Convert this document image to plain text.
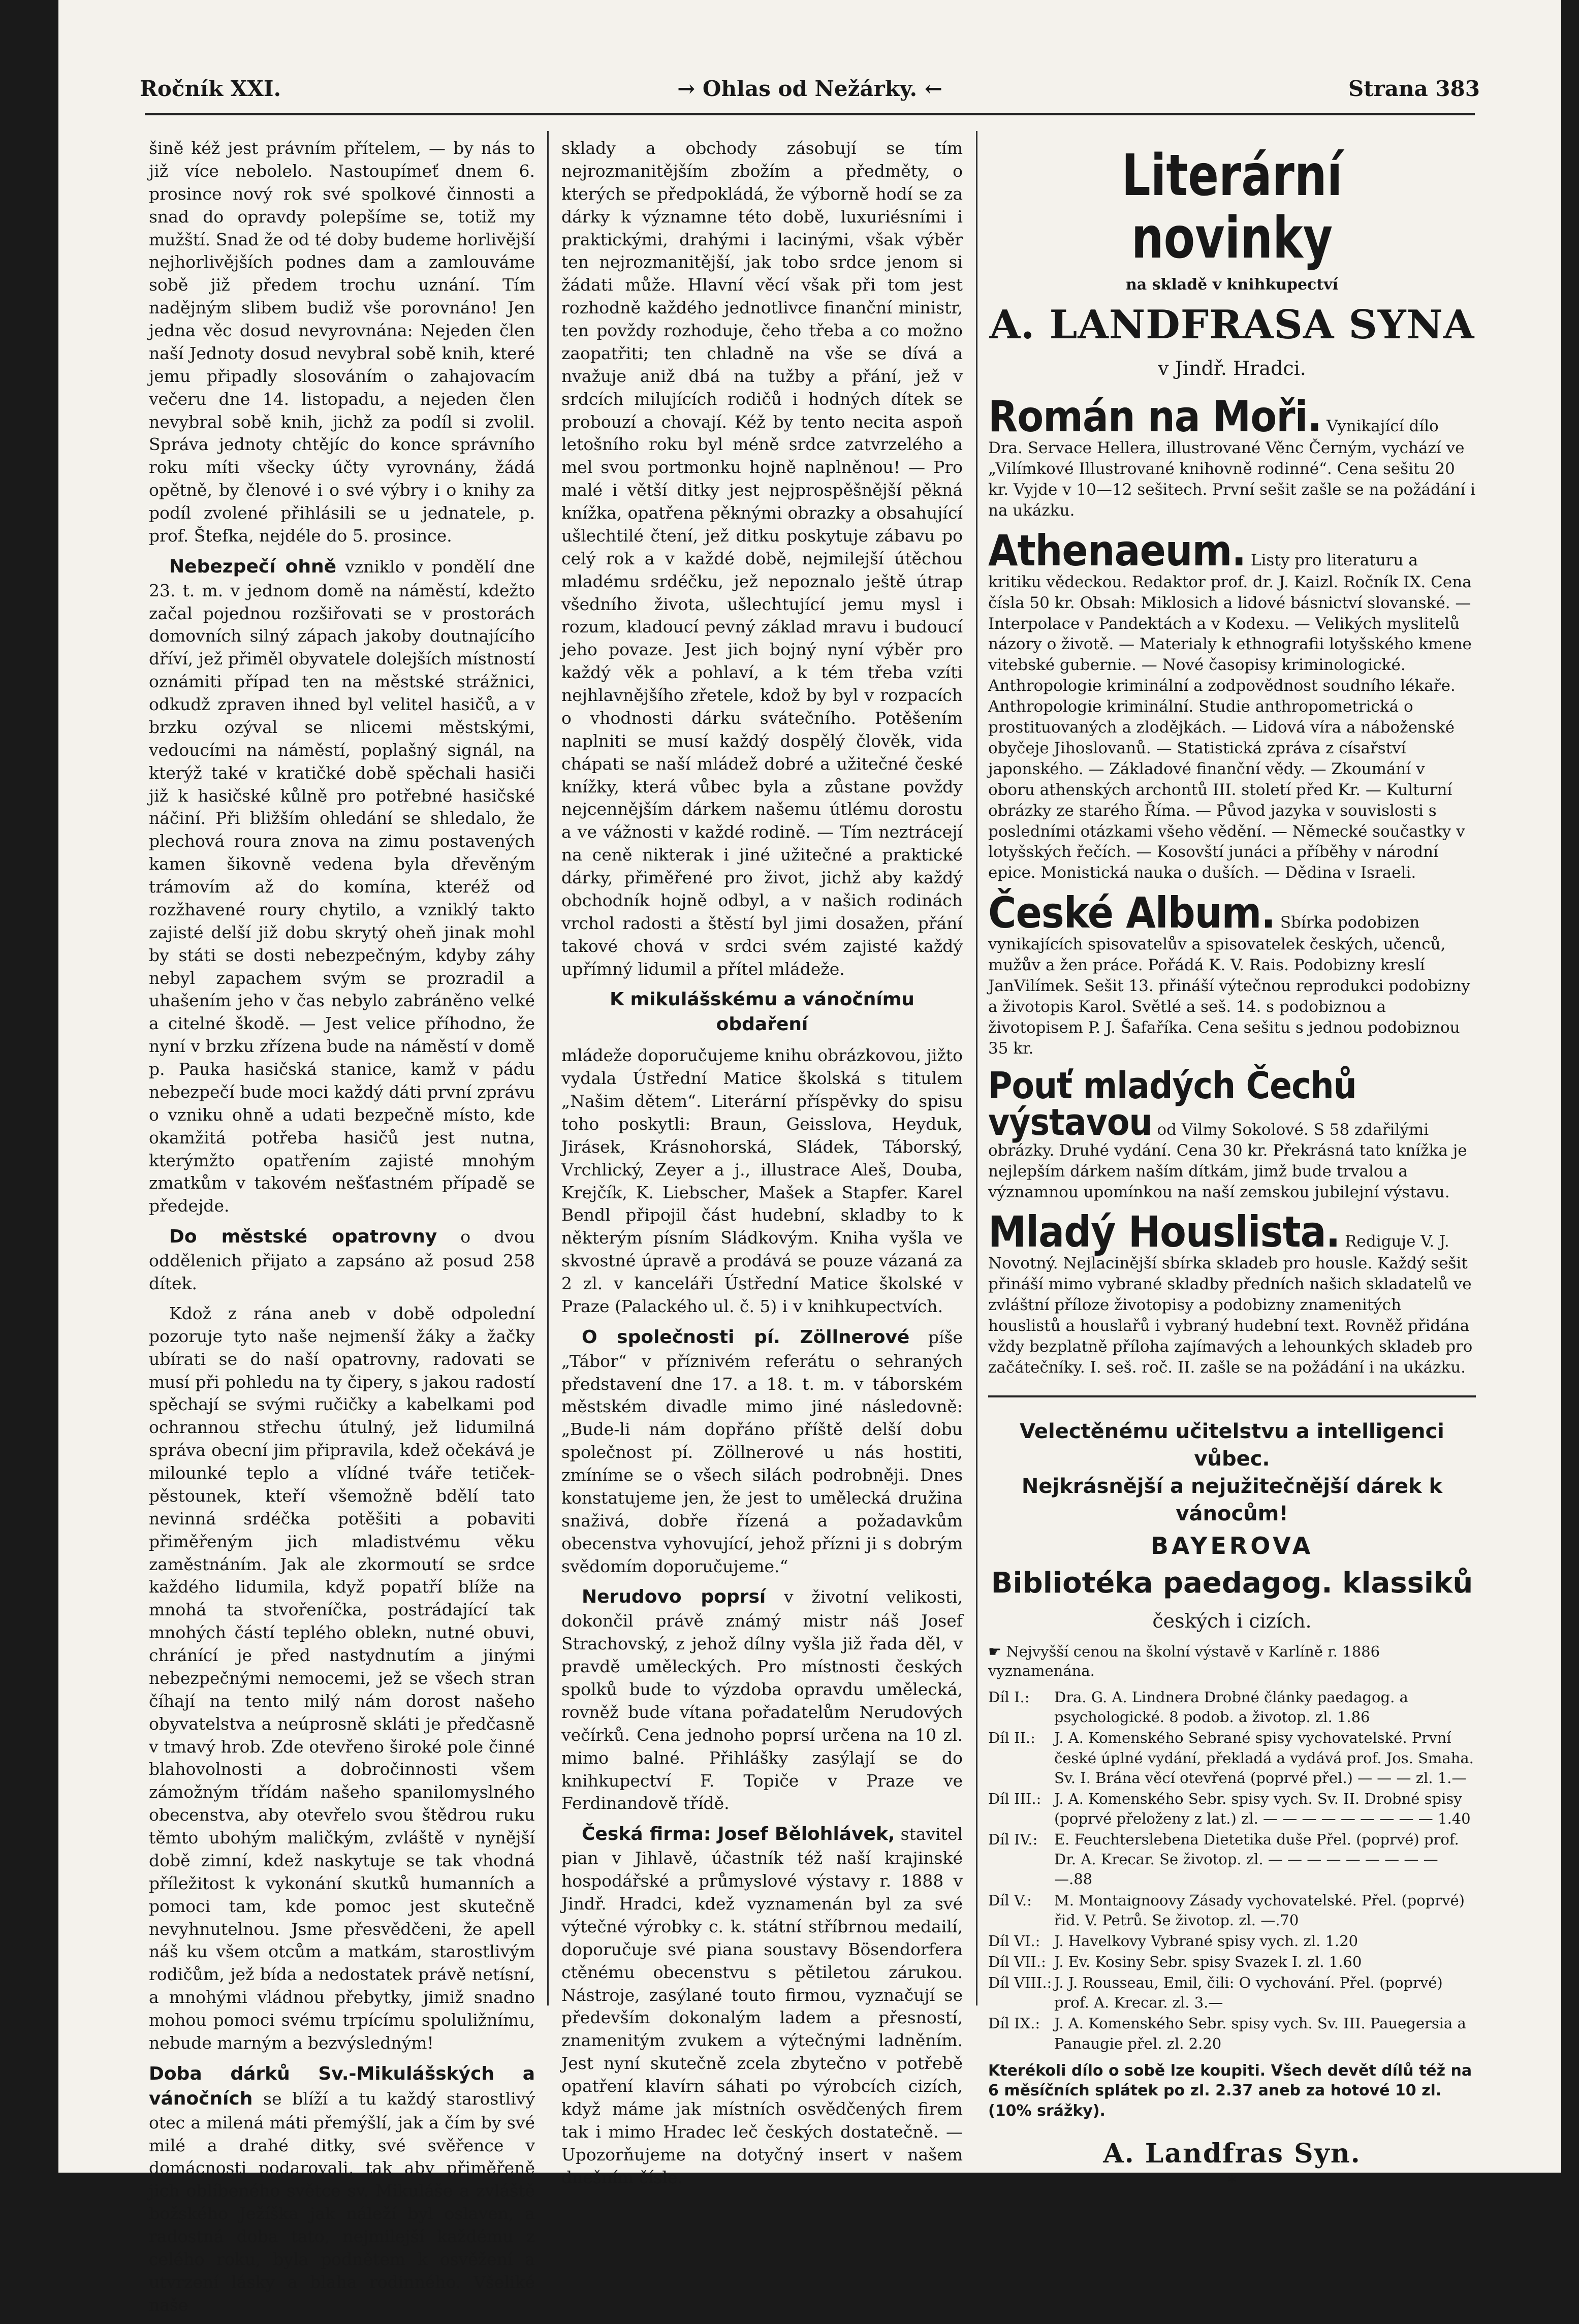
Ročník XXI.	→ Ohlas od Nežárky. ←	Strana 383

šině kéž jest právním přítelem, — by nás to již více nebolelo. Nastoupímeť dnem 6. prosince nový rok své spolkové činnosti a snad do opravdy polepšíme se, totiž my mužští. Snad že od té doby budeme horlivější nejhorlivějších podnes dam a zamlouváme sobě již předem trochu uznání. Tím nadějným slibem budiž vše porovnáno! Jen jedna věc dosud nevyrovnána: Nejeden člen naší Jednoty dosud nevybral sobě knih, které jemu připadly slosováním o zahajovacím večeru dne 14. listopadu, a nejeden člen nevybral sobě knih, jichž za podíl si zvolil. Správa jednoty chtějíc do konce správního roku míti všecky účty vyrovnány, žádá opětně, by členové i o své výbry i o knihy za podíl zvolené přihlásili se u jednatele, p. prof. Štefka, nejdéle do 5. prosince.

Nebezpečí ohně vzniklo v pondělí dne 23. t. m. v jednom domě na náměstí, kdežto začal pojednou rozšiřovati se v prostorách domovních silný zápach jakoby doutnajícího dříví, jež přiměl obyvatele dolejších místností oznámiti případ ten na městské strážnici, odkudž zpraven ihned byl velitel hasičů, a v brzku ozýval se nlicemi městskými, vedoucími na náměstí, poplašný signál, na kterýž také v kratičké době spěchali hasiči již k hasičské kůlně pro potřebné hasičské náčiní. Při bližším ohledání se shledalo, že plechová roura znova na zimu postavených kamen šikovně vedena byla dřevěným trámovím až do komína, kteréž od rozžhavené roury chytilo, a vzniklý takto zajisté delší již dobu skrytý oheň jinak mohl by státi se dosti nebezpečným, kdyby záhy nebyl zapachem svým se prozradil a uhašením jeho v čas nebylo zabráněno velké a citelné škodě. — Jest velice příhodno, že nyní v brzku zřízena bude na náměstí v domě p. Pauka hasičská stanice, kamž v pádu nebezpečí bude moci každý dáti první zprávu o vzniku ohně a udati bezpečně místo, kde okamžitá potřeba hasičů jest nutna, kterýmžto opatřením zajisté mnohým zmatkům v takovém nešťastném případě se předejde.

Do městské opatrovny o dvou oddělenich přijato a zapsáno až posud 258 dítek.

Kdož z rána aneb v době odpolední pozoruje tyto naše nejmenší žáky a žačky ubírati se do naší opatrovny, radovati se musí při pohledu na ty čipery, s jakou radostí spěchají se svými ručičky a kabelkami pod ochrannou střechu útulný, jež lidumilná správa obecní jim připravila, kdež očekává je milounké teplo a vlídné tváře tetiček-pěstounek, kteří všemožně bdělí tato nevinná srdéčka potěšiti a pobaviti přiměřeným jich mladistvému věku zaměstnáním. Jak ale zkormoutí se srdce každého lidumila, když popatří blíže na mnohá ta stvořeníčka, postrádající tak mnohých částí teplého oblekn, nutné obuvi, chránící je před nastydnutím a jinými nebezpečnými nemocemi, jež se všech stran číhají na tento milý nám dorost našeho obyvatelstva a neúprosně skláti je předčasně v tmavý hrob. Zde otevřeno široké pole činné blahovolnosti a dobročinnosti všem zámožným třídám našeho spanilomyslného obecenstva, aby otevřelo svou štědrou ruku těmto ubohým maličkým, zvláště v nynější době zimní, kdež naskytuje se tak vhodná příležitost k vykonání skutků humanních a pomoci tam, kde pomoc jest skutečně nevyhnutelnou. Jsme přesvědčeni, že apell náš ku všem otcům a matkám, starostlivým rodičům, jež bída a nedostatek právě netísní, a mnohými vládnou přebytky, jimiž snadno mohou pomoci svému trpícímu spoluližnímu, nebude marným a bezvýsledným!

Doba dárků Sv.-Mikulášských a vánočních se blíží a tu každý starostlivý otec a milená máti přemýšlí, jak a čím by své milé a drahé ditky, své svěřence v domácnosti podarovali, tak aby přiměřeně jich oblíbeného světce sv. Mikuláše a zvláště božského Ježíška jak náleží byl oslaven, a radostná doba tato, nejmilejší každému z celého roku, byla podnětem k osvěžení a utvrzení lásky a blaha rodinného. Všeliké naše

sklady a obchody zásobují se tím nejrozmanitějším zbožím a předměty, o kterých se předpokládá, že výborně hodí se za dárky k významnе této době, luxuriésními i praktickými, drahými i lacinými, však výběr ten nejrozmanitější, jak tobo srdce jenom si žádati může. Hlavní věcí však při tom jest rozhodně každého jednotlivce finanční ministr, ten povždy rozhoduje, čeho třeba a co možno zaopatřiti; ten chladně na vše se dívá a nvažuje aniž dbá na tužby a přání, jež v srdcích milujících rodičů i hodných dítek se probouzí a chovají. Kéž by tento necita aspoň letošního roku byl méně srdce zatvrzelého a mel svou portmonku hojně naplněnou! — Pro malé i větší ditky jest nejprospěšnější pěkná knížka, opatřena pěknými obrazky a obsahující ušlechtilé čtení, jež ditku poskytuje zábavu po celý rok a v každé době, nejmilejší útěchou mladému srdéčku, jež nepoznalo ještě útrap všedního života, ušlechtující jemu mysl i rozum, kladoucí pevný základ mravu i budoucí jeho povaze. Jest jich bojný nyní výběr pro každý věk a pohlaví, a k tém třeba vzíti nejhlavnějšího zřetele, kdož by byl v rozpacích o vhodnosti dárku svátečního. Potěšením naplniti se musí každý dospělý člověk, vida chápati se naší mládež dobré a užitečné české knížky, která vůbec byla a zůstane povždy nejcennějším dárkem našemu útlému dorostu a ve vážnosti v každé rodině. — Tím neztrácejí na ceně nikterak i jiné užitečné a praktické dárky, přiměřené pro život, jichž aby každý obchodník hojně odbyl, a v našich rodinách vrchol radosti a štěstí byl jimi dosažen, přání takové chová v srdci svém zajisté každý upřímný lidumil a přítel mládeže.

K mikulášskému a vánočnímu obdaření

mládeže doporučujeme knihu obrázkovou, jižto vydala Ústřední Matice školská s titulem „Našim dětem“. Literární příspěvky do spisu toho poskytli: Braun, Geisslova, Heyduk, Jirásek, Krásnohorská, Sládek, Táborský, Vrchlický, Zeyer a j., illustrace Aleš, Douba, Krejčík, K. Liebscher, Mašek a Stapfer. Karel Bendl připojil část hudební, skladby to k některým písním Sládkovým. Kniha vyšla ve skvostné úpravě a prodává se pouze vázaná za 2 zl. v kanceláři Ústřední Matice školské v Praze (Palackého ul. č. 5) i v knihkupectvích.

O společnosti pí. Zöllnerové píše „Tábor“ v příznivém referátu o sehraných představení dne 17. a 18. t. m. v táborském městském divadle mimo jiné následovně: „Bude-li nám dopřáno příště delší dobu společnost pí. Zöllnerové u nás hostiti, zmíníme se o všech silách podrobněji. Dnes konstatujeme jen, že jest to umělecká družina snaživá, dobře řízená a požadavkům obecenstva vyhovující, jehož přízni ji s dobrým svědomím doporučujeme.“

Nerudovo poprsí v životní velikosti, dokončil právě známý mistr náš Josef Strachovský, z jehož dílny vyšla již řada děl, v pravdě uměleckých. Pro místnosti českých spolků bude to výzdoba opravdu umělecká, rovněž bude vítana pořadatelům Nerudových večírků. Cena jednoho poprsí určena na 10 zl. mimo balné. Přihlášky zasýlají se do knihkupectví F. Topiče v Praze ve Ferdinandově třídě.

Česká firma: Josef Bělohlávek, stavitel pian v Jihlavě, účastník též naší krajinské hospodářské a průmyslové výstavy r. 1888 v Jindř. Hradci, kdež vyznamenán byl za své výtečné výrobky c. k. státní stříbrnou medailí, doporučuje své piana soustavy Bösendorfera ctěnému obecenstvu s pětiletou zárukou. Nástroje, zasýlané touto firmou, vyznačují se především dokonalým ladem a přesností, znamenitým zvukem a výtečnými ladněním. Jest nyní skutečně zcela zbytečno v potřebě opatření klavírn sáhati po výrobcích cizích, když máme jak místních osvědčených firem tak i mimo Hradec leč českých dostatečně. — Upozorňujeme na dotyčný insert v našem dnešním čísle.

Literární novinky
na skladě v knihkupectví
A. LANDFRASA SYNA
v Jindř. Hradci.
Román na Moři. Vynikající dílo Dra. Servace Hellera, illustrované Věnc Černým, vychází ve „Vilímkové Illustrované knihovně rodinné“. Cena sešitu 20 kr. Vyjde v 10—12 sešitech. První sešit zašle se na požádání i na ukázku.
Athenaeum. Listy pro literaturu a kritiku vědeckou. Redaktor prof. dr. J. Kaizl. Ročník IX. Cena čísla 50 kr. Obsah: Miklosich a lidové básnictví slovanské. — Interpolace v Pandektách a v Kodexu. — Velikých myslitelů názory o životě. — Materialy k ethnografii lotyšského kmene vitebské gubernie. — Nové časopisy kriminologické. Anthropologie kriminální a zodpovědnost soudního lékaře. Anthropologie kriminální. Studie anthropometrická o prostituovaných a zlodějkách. — Lidová víra a náboženské obyčeje Jihoslovanů. — Statistická zpráva z císařství japonského. — Základové finanční vědy. — Zkoumání v oboru athenských archontů III. století před Kr. — Kulturní obrázky ze starého Říma. — Původ jazyka v souvislosti s posledními otázkami všeho vědění. — Německé součastky v lotyšských řečích. — Kosovští junáci a příběhy v národní epice. Monistická nauka o duších. — Dědina v Israeli.
České Album. Sbírka podobizen vynikajících spisovatelův a spisovatelek českých, učenců, mužův a žen práce. Pořádá K. V. Rais. Podobizny kreslí JanVilímek. Sešit 13. přináší výtečnou reprodukci podobizny a životopis Karol. Světlé a seš. 14. s podobiznou a životopisem P. J. Šafaříka. Cena sešitu s jednou podobiznou 35 kr.
Pouť mladých Čechů výstavou od Vilmy Sokolové. S 58 zdařilými obrázky. Druhé vydání. Cena 30 kr. Překrásná tato knížka je nejlepším dárkem naším dítkám, jimž bude trvalou a významnou upomínkou na naší zemskou jubilejní výstavu.
Mladý Houslista. Rediguje V. J. Novotný. Nejlacinější sbírka skladeb pro housle. Každý sešit přináší mimo vybrané skladby předních našich skladatelů ve zvláštní příloze životopisy a podobizny znamenitých houslistů a houslařů i vybraný hudební text. Rovněž přidána vždy bezplatně příloha zajímavých a lehounkých skladeb pro začátečníky. I. seš. roč. II. zašle se na požádání i na ukázku.
Velectěnému učitelstvu a intelligenci vůbec.
Nejkrásnější a nejužitečnější dárek k vánocům!
BAYEROVA
Bibliotéka paedagog. klassiků
českých i cizích.

☛ Nejvyšší cenou na školní výstavě v Karlíně r. 1886 vyznamenána.

Díl I.:	Dra. G. A. Lindnera Drobné články paedagog. a psychologické. 8 podob. a životop. zl. 1.86
Díl II.:	J. A. Komenského Sebrané spisy vychovatelské. První české úplné vydání, překladá a vydává prof. Jos. Smaha. Sv. I. Brána věcí otevřená (poprvé přel.) — — — zl. 1.—
Díl III.: J. A. Komenského Sebr. spisy vych. Sv. II. Drobné spisy (poprvé přeloženy z lat.) zl. — — — — — — — — — 1.40
Díl IV.:	E. Feuchterslebena Dietetika duše Přel. (poprvé) prof. Dr. A. Krecar. Se životop. zl. — — — — — — — — — —.88
Díl V.:	M. Montaignoovy Zásady vychovatelské. Přel. (poprvé) řid. V. Petrů. Se životop. zl. —.70
Díl VI.: J. Havelkovy Vybrané spisy vych. zl. 1.20
Díl VII.: J. Ev. Kosiny Sebr. spisy Svazek I. zl. 1.60
Díl VIII.: J. J. Rousseau, Emil, čili: O vychování. Přel. (poprvé) prof. A. Krecar. zl. 3.—
Díl IX.: J. A. Komenského Sebr. spisy vych. Sv. III. Pauegersia a Panaugie přel. zl. 2.20

Kterékoli dílo o sobě lze koupiti. Všech devět dílů též na 6 měsíčních splátek po zl. 2.37 aneb za hotové 10 zl. (10% srážky).

A. Landfras Syn.
*
